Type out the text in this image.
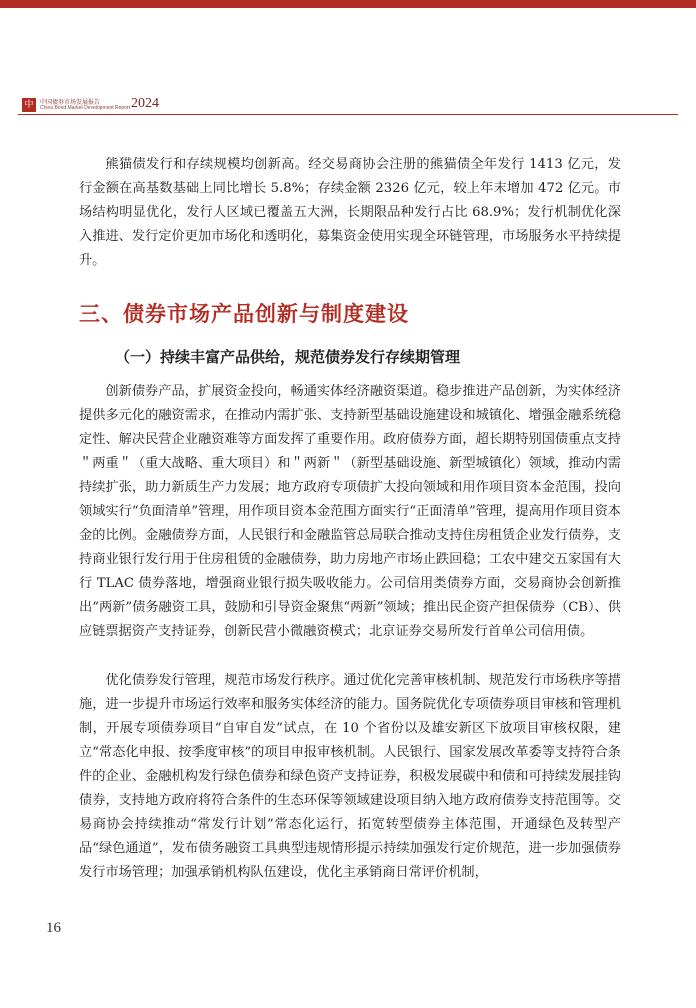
中	中国债券市场发展报告
China Bond Market Development Report 2024

熊猫债发行和存续规模均创新高。经交易商协会注册的熊猫债全年发行 1413 亿元，发行金额在高基数基础上同比增长 5.8%；存续金额 2326 亿元，较上年末增加 472 亿元。市场结构明显优化，发行人区域已覆盖五大洲，长期限品种发行占比 68.9%；发行机制优化深入推进、发行定价更加市场化和透明化，募集资金使用实现全环链管理，市场服务水平持续提升。

三、债券市场产品创新与制度建设
（一）持续丰富产品供给，规范债券发行存续期管理

创新债券产品，扩展资金投向，畅通实体经济融资渠道。稳步推进产品创新，为实体经济提供多元化的融资需求，在推动内需扩张、支持新型基础设施建设和城镇化、增强金融系统稳定性、解决民营企业融资难等方面发挥了重要作用。政府债券方面，超长期特别国债重点支持＂两重＂（重大战略、重大项目）和＂两新＂（新型基础设施、新型城镇化）领域，推动内需持续扩张，助力新质生产力发展；地方政府专项债扩大投向领域和用作项目资本金范围，投向领域实行“负面清单”管理，用作项目资本金范围方面实行“正面清单”管理，提高用作项目资本金的比例。金融债券方面，人民银行和金融监管总局联合推动支持住房租赁企业发行债券，支持商业银行发行用于住房租赁的金融债券，助力房地产市场止跌回稳；工农中建交五家国有大行 TLAC 债券落地，增强商业银行损失吸收能力。公司信用类债券方面，交易商协会创新推出“两新”债务融资工具，鼓励和引导资金聚焦“两新”领域；推出民企资产担保债券（CB）、供应链票据资产支持证券，创新民营小微融资模式；北京证券交易所发行首单公司信用债。

优化债券发行管理，规范市场发行秩序。通过优化完善审核机制、规范发行市场秩序等措施，进一步提升市场运行效率和服务实体经济的能力。国务院优化专项债券项目审核和管理机制，开展专项债券项目“自审自发”试点，在 10 个省份以及雄安新区下放项目审核权限，建立“常态化申报、按季度审核”的项目申报审核机制。人民银行、国家发展改革委等支持符合条件的企业、金融机构发行绿色债券和绿色资产支持证券，积极发展碳中和债和可持续发展挂钩债券，支持地方政府将符合条件的生态环保等领域建设项目纳入地方政府债券支持范围等。交易商协会持续推动“常发行计划”常态化运行，拓宽转型债券主体范围，开通绿色及转型产品“绿色通道”，发布债务融资工具典型违规情形提示持续加强发行定价规范，进一步加强债券发行市场管理；加强承销机构队伍建设，优化主承销商日常评价机制，

16
